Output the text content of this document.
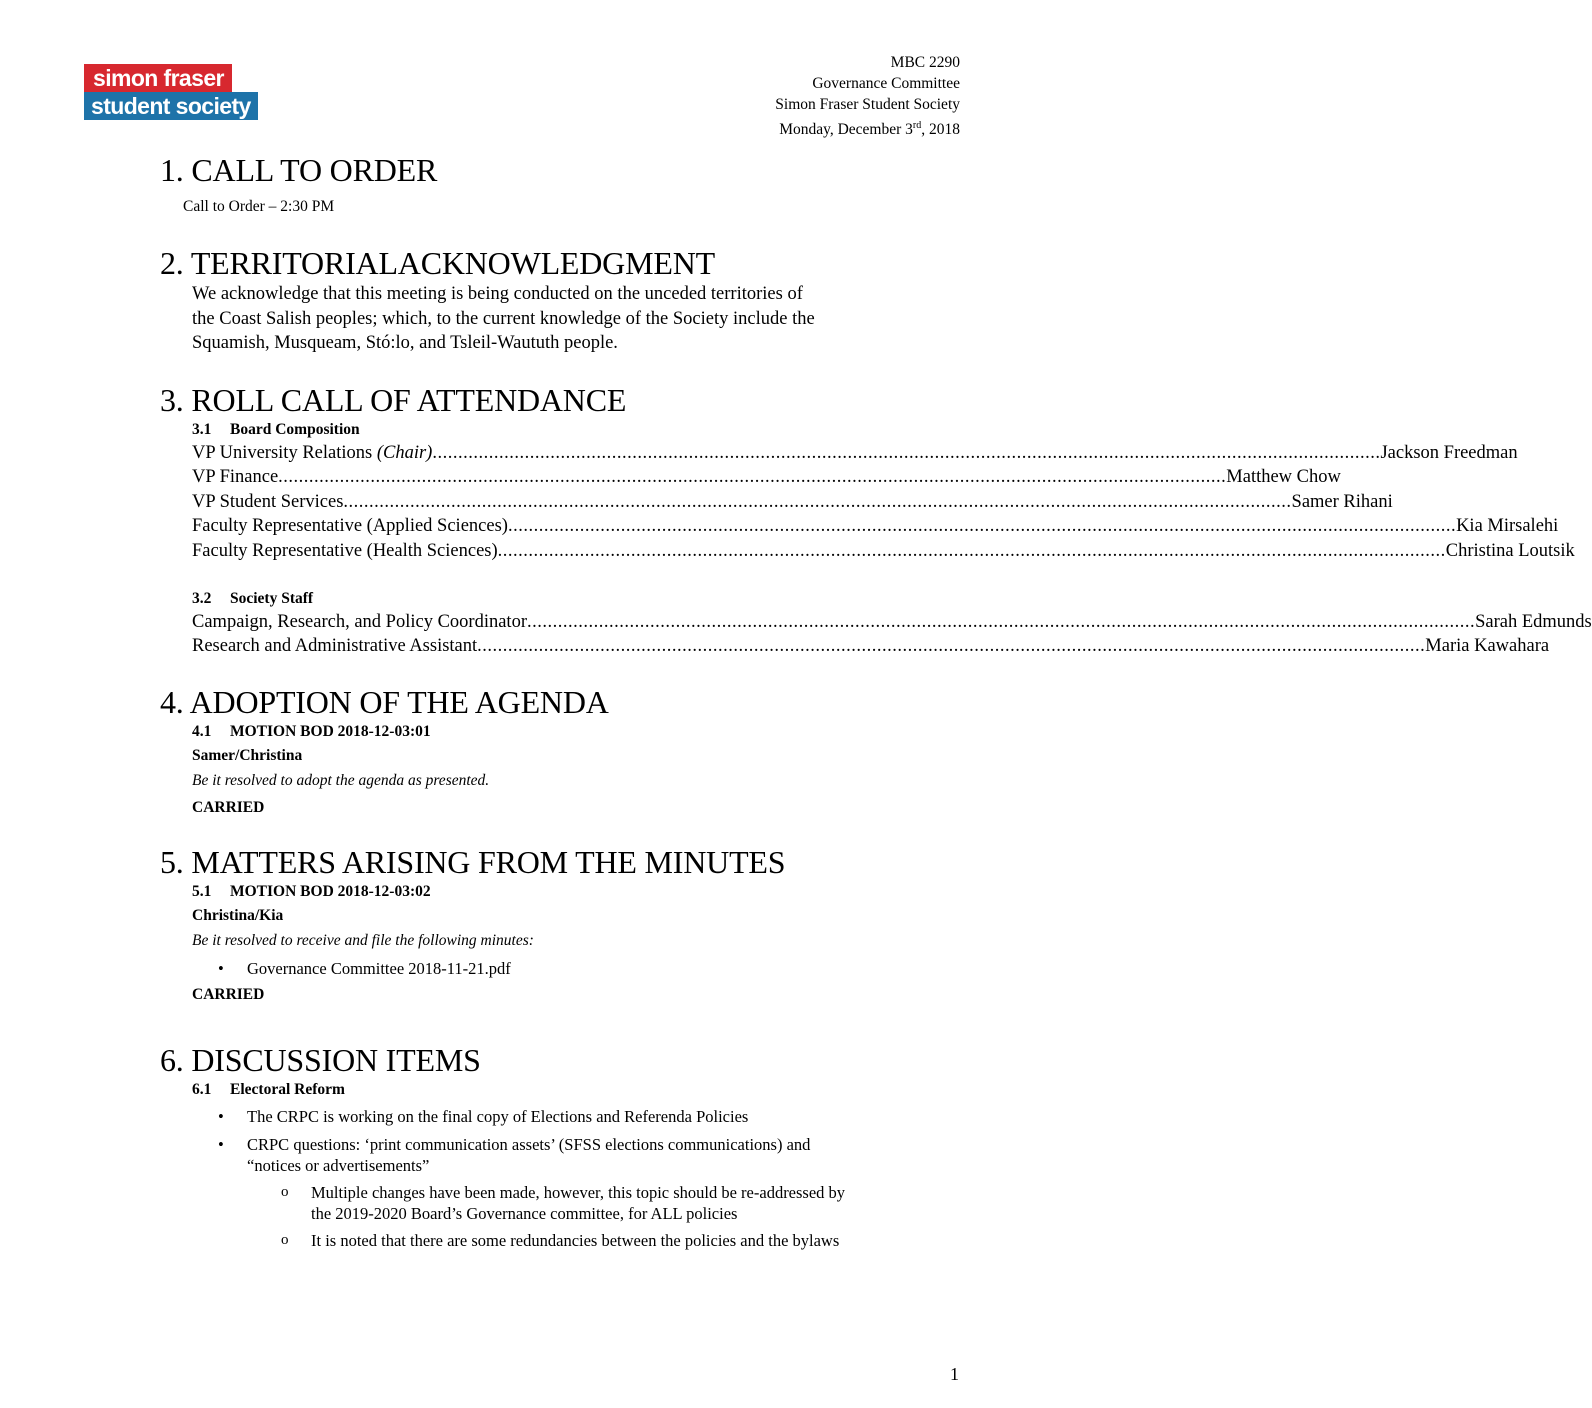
simon fraser
student society
MBC 2290
Governance Committee
Simon Fraser Student Society
Monday, December 3rd, 2018
1. CALL TO ORDER
Call to Order – 2:30 PM
2. TERRITORIALACKNOWLEDGMENT
We acknowledge that this meeting is being conducted on the unceded territories of
the Coast Salish peoples; which, to the current knowledge of the Society include the
Squamish, Musqueam, Stó:lo, and Tsleil-Waututh people.
3. ROLL CALL OF ATTENDANCE
3.1 Board Composition
VP University Relations (Chair) ......................................................................................................................................................................................... Jackson Freedman
VP Finance ......................................................................................................................................................................................... Matthew Chow
VP Student Services ......................................................................................................................................................................................... Samer Rihani
Faculty Representative (Applied Sciences) ......................................................................................................................................................................................... Kia Mirsalehi
Faculty Representative (Health Sciences) ......................................................................................................................................................................................... Christina Loutsik
3.2 Society Staff
Campaign, Research, and Policy Coordinator ......................................................................................................................................................................................... Sarah Edmunds
Research and Administrative Assistant ......................................................................................................................................................................................... Maria Kawahara
4. ADOPTION OF THE AGENDA
4.1 MOTION BOD 2018-12-03:01
Samer/Christina
Be it resolved to adopt the agenda as presented.
CARRIED
5. MATTERS ARISING FROM THE MINUTES
5.1 MOTION BOD 2018-12-03:02
Christina/Kia
Be it resolved to receive and file the following minutes:
• Governance Committee 2018-11-21.pdf
CARRIED
6. DISCUSSION ITEMS
6.1 Electoral Reform
• The CRPC is working on the final copy of Elections and Referenda Policies
• CRPC questions: ‘print communication assets’ (SFSS elections communications) and
“notices or advertisements”
o Multiple changes have been made, however, this topic should be re-addressed by
the 2019-2020 Board’s Governance committee, for ALL policies
o It is noted that there are some redundancies between the policies and the bylaws
1
